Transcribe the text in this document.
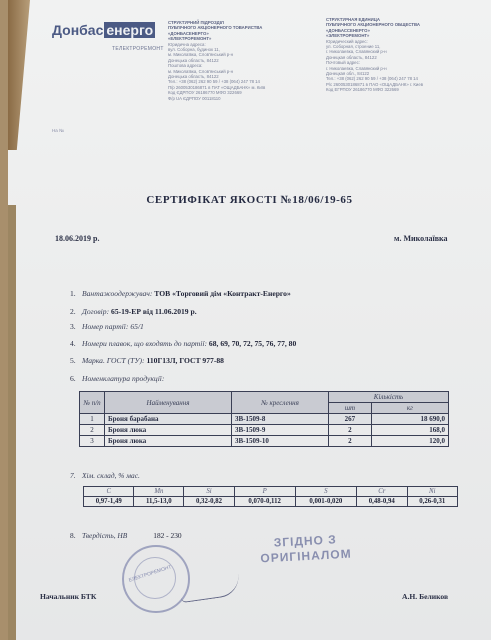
Донбас енерго
ТЕЛЕКТРОРЕМОНТ
СТРУКТУРНИЙ ПІДРОЗДІЛ
ПУБЛІЧНОГО АКЦІОНЕРНОГО ТОВАРИСТВА
«ДОНБАСЕНЕРГО»
«ЕЛЕКТРОРЕМОНТ»
Юридична адреса:
вул. Соборна, будинок 11,
м. Миколаївка, Слов'янський р-н
Донецька область, 84122
Поштова адреса:
м. Миколаївка, Слов'янський р-н
Донецька область, 84122
Тел.: +38 (062) 262 90 59 / +38 (064) 247 78 14
П/р 2600530186871 в ПАТ «ОЩАДБАНК» м. Київ
Код ЄДРПОУ 26186770 МФО 322669
Ф/р UA ЄДРПОУ 00118110
СТРУКТУРНАЯ ЕДИНИЦА
ПУБЛИЧНОГО АКЦИОНЕРНОГО ОБЩЕСТВА
«ДОНБАССЕНЕРГО»
«ЭЛЕКТРОРЕМОНТ»
Юридический адрес:
ул. Соборная, строение 11,
г. Николаевка, Славянский р-н
Донецкая область, 84122
Почтовый адрес:
г. Николаевка, Славянский р-н
Донецкая обл., 84122
Тел.: +38 (062) 262 90 59 / +38 (064) 247 78 14
Р/с 2600530186871 в ПАО «ОЩАДБАНК» г. Киев
Код ЕГРПОУ 26186770 МФО 322669
На №
СЕРТИФІКАТ ЯКОСТІ №18/06/19-65
18.06.2019 р.	м. Миколаївка
1. Вантажоодержувач: ТОВ «Торговий дім «Контракт-Енерго»
2. Договір: 65-19-ЕР від 11.06.2019 р.
3. Номер партії: 65/1
4. Номери плавок, що входять до партії: 68, 69, 70, 72, 75, 76, 77, 80
5. Марка. ГОСТ (ТУ): 110Г13Л, ГОСТ 977-88
6. Номенклатура продукції:
№ п/п	Найменування	№ креслення	Кількість	
			шт	кг
1	Броня барабана	3В-1509-8	267	18 690,0
2	Броня люка	3В-1509-9	2	168,0
3	Броня люка	3В-1509-10	2	120,0
7. Хім. склад, % мас.
C	Mn	Si	P	S	Cr	Ni
0,97-1,49	11,5-13,0	0,32-0,82	0,070-0,112	0,001-0,020	0,48-0,94	0,26-0,31
8. Твердість, НВ	182 - 230
ЕЛЕКТРОРЕМОНТ
ЗГІДНО З
ОРИГІНАЛОМ
Начальник БТК	А.Н. Беликов
